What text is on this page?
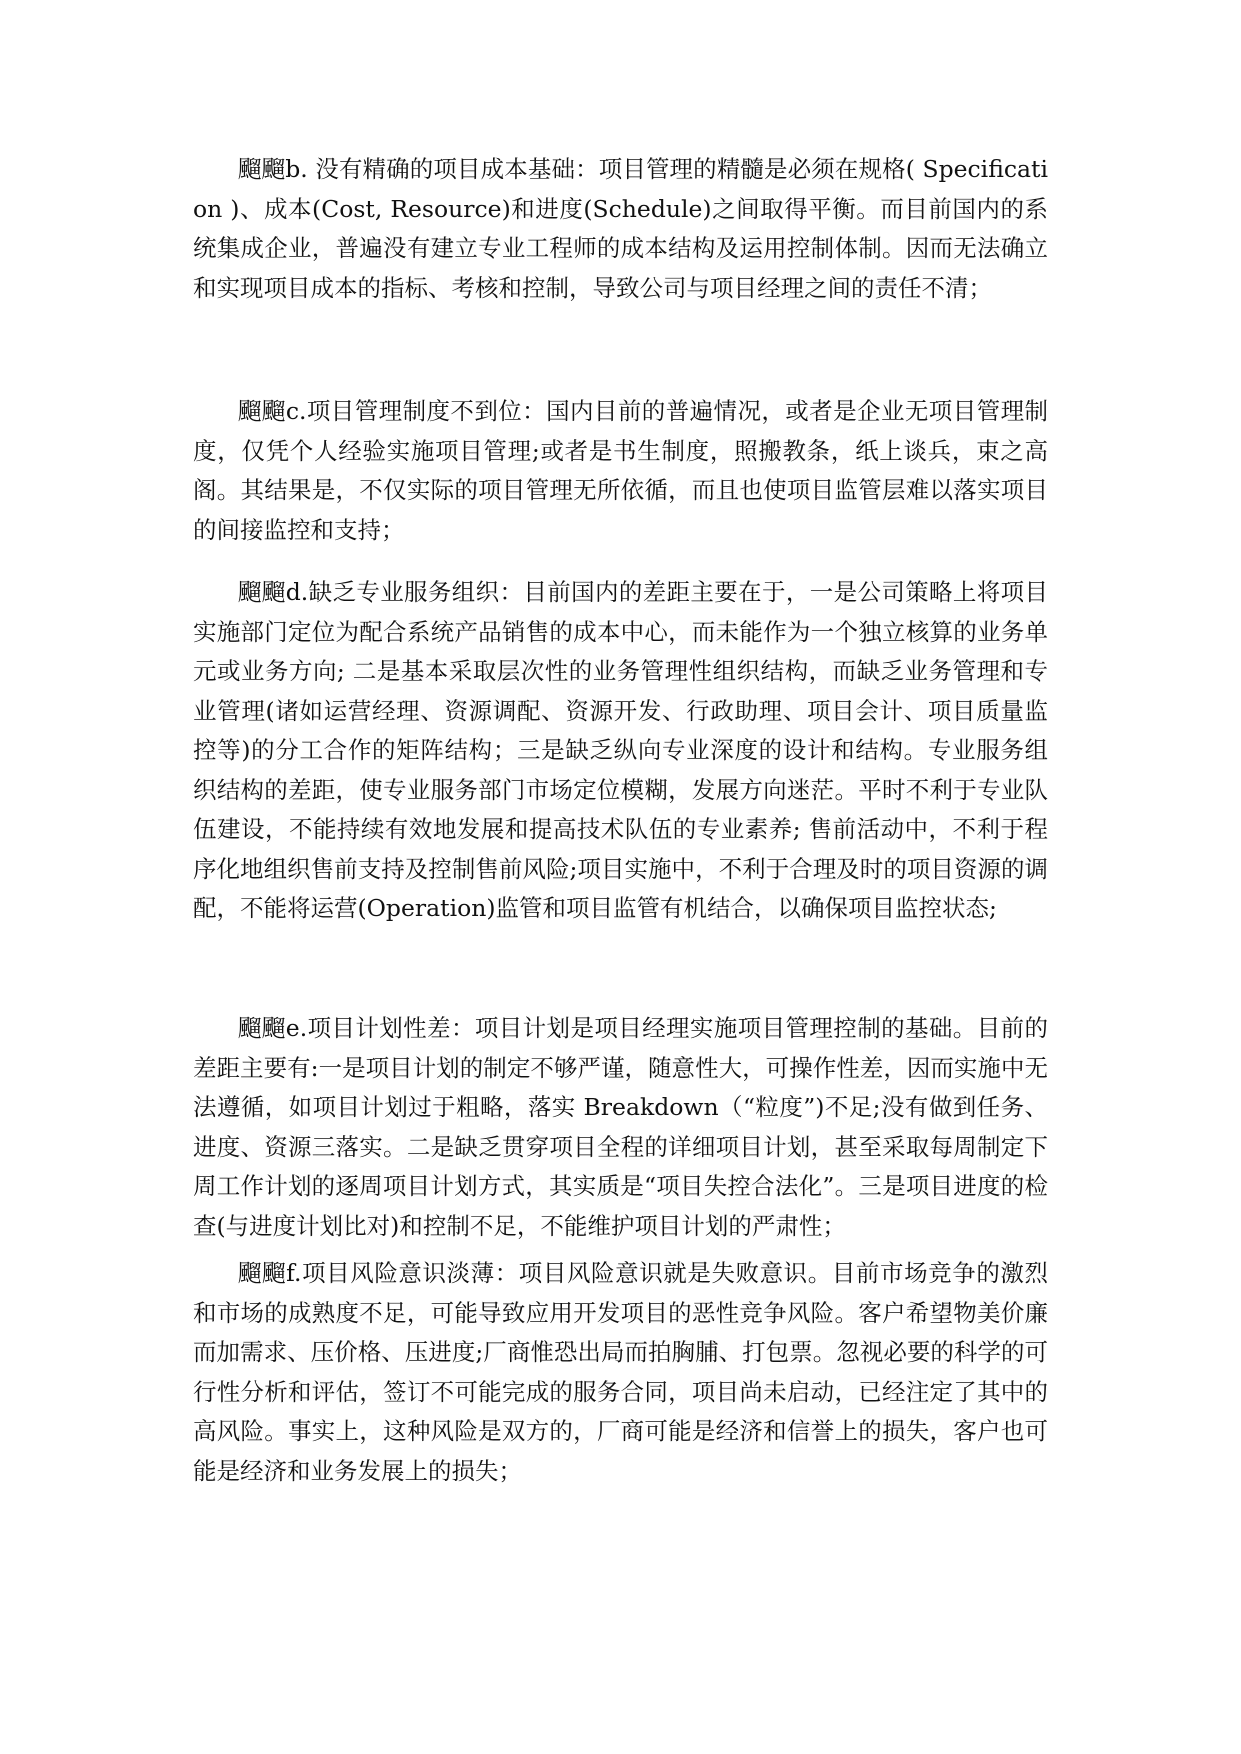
飀飀b. 没有精确的项目成本基础：项目管理的精髓是必须在规格( Specification )、成本(Cost, Resource)和进度(Schedule)之间取得平衡。而目前国内的系统集成企业，普遍没有建立专业工程师的成本结构及运用控制体制。因而无法确立和实现项目成本的指标、考核和控制，导致公司与项目经理之间的责任不清；

飀飀c.项目管理制度不到位：国内目前的普遍情况，或者是企业无项目管理制度，仅凭个人经验实施项目管理;或者是书生制度，照搬教条，纸上谈兵，束之高阁。其结果是，不仅实际的项目管理无所依循，而且也使项目监管层难以落实项目的间接监控和支持；

飀飀d.缺乏专业服务组织：目前国内的差距主要在于，一是公司策略上将项目实施部门定位为配合系统产品销售的成本中心，而未能作为一个独立核算的业务单元或业务方向; 二是基本采取层次性的业务管理性组织结构，而缺乏业务管理和专业管理(诸如运营经理、资源调配、资源开发、行政助理、项目会计、项目质量监控等)的分工合作的矩阵结构；三是缺乏纵向专业深度的设计和结构。专业服务组织结构的差距，使专业服务部门市场定位模糊，发展方向迷茫。平时不利于专业队伍建设，不能持续有效地发展和提高技术队伍的专业素养; 售前活动中，不利于程序化地组织售前支持及控制售前风险;项目实施中，不利于合理及时的项目资源的调配，不能将运营(Operation)监管和项目监管有机结合，以确保项目监控状态;

飀飀e.项目计划性差：项目计划是项目经理实施项目管理控制的基础。目前的差距主要有:一是项目计划的制定不够严谨，随意性大，可操作性差，因而实施中无法遵循，如项目计划过于粗略，落实 Breakdown（“粒度”)不足;没有做到任务、进度、资源三落实。二是缺乏贯穿项目全程的详细项目计划，甚至采取每周制定下周工作计划的逐周项目计划方式，其实质是“项目失控合法化”。三是项目进度的检查(与进度计划比对)和控制不足，不能维护项目计划的严肃性；

飀飀f.项目风险意识淡薄：项目风险意识就是失败意识。目前市场竞争的激烈和市场的成熟度不足，可能导致应用开发项目的恶性竞争风险。客户希望物美价廉而加需求、压价格、压进度;厂商惟恐出局而拍胸脯、打包票。忽视必要的科学的可行性分析和评估，签订不可能完成的服务合同，项目尚未启动，已经注定了其中的高风险。事实上，这种风险是双方的，厂商可能是经济和信誉上的损失，客户也可能是经济和业务发展上的损失；
